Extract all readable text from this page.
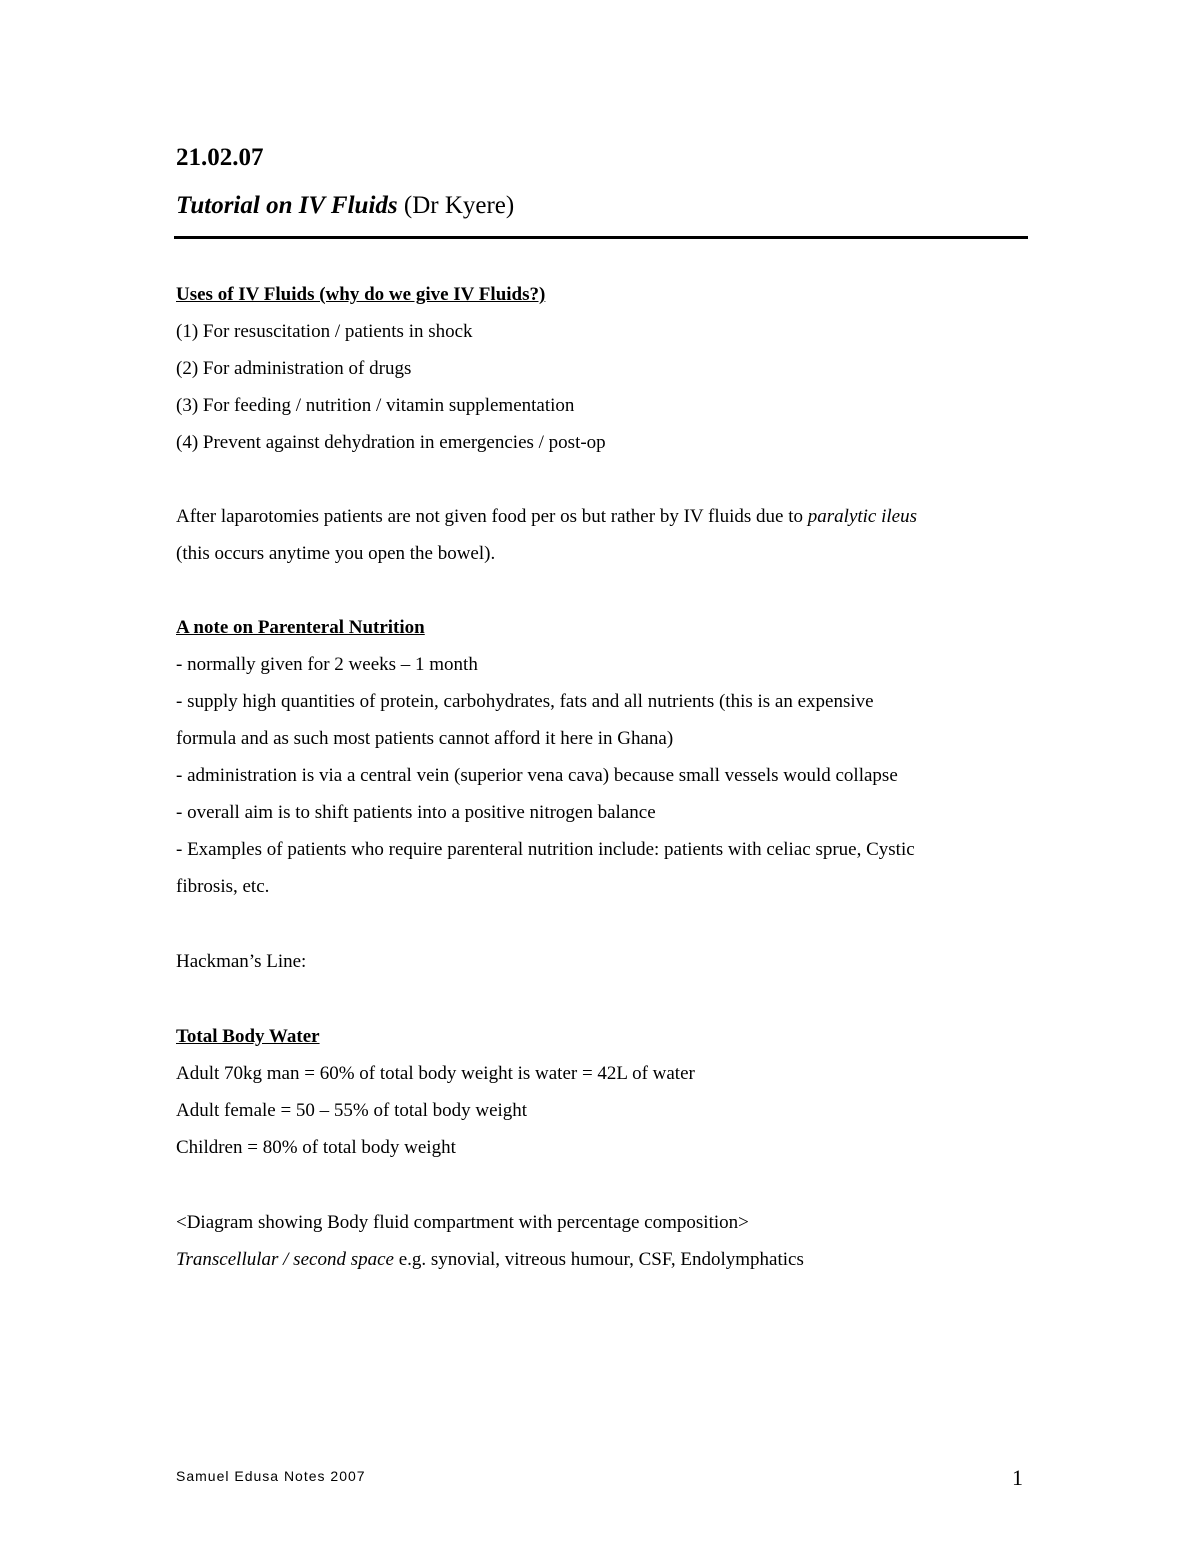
21.02.07

Tutorial on IV Fluids (Dr Kyere)

Uses of IV Fluids (why do we give IV Fluids?)

(1) For resuscitation / patients in shock
(2) For administration of drugs
(3) For feeding / nutrition / vitamin supplementation
(4) Prevent against dehydration in emergencies / post-op
After laparotomies patients are not given food per os but rather by IV fluids due to paralytic ileus
(this occurs anytime you open the bowel).

A note on Parenteral Nutrition

- normally given for 2 weeks – 1 month
- supply high quantities of protein, carbohydrates, fats and all nutrients (this is an expensive
formula and as such most patients cannot afford it here in Ghana)
- administration is via a central vein (superior vena cava) because small vessels would collapse
- overall aim is to shift patients into a positive nitrogen balance
- Examples of patients who require parenteral nutrition include: patients with celiac sprue, Cystic
fibrosis, etc.
Hackman’s Line:

Total Body Water

Adult 70kg man = 60% of total body weight is water = 42L of water
Adult female = 50 – 55% of total body weight
Children = 80% of total body weight
<Diagram showing Body fluid compartment with percentage composition>
Transcellular / second space e.g. synovial, vitreous humour, CSF, Endolymphatics
Samuel Edusa Notes 2007	1
